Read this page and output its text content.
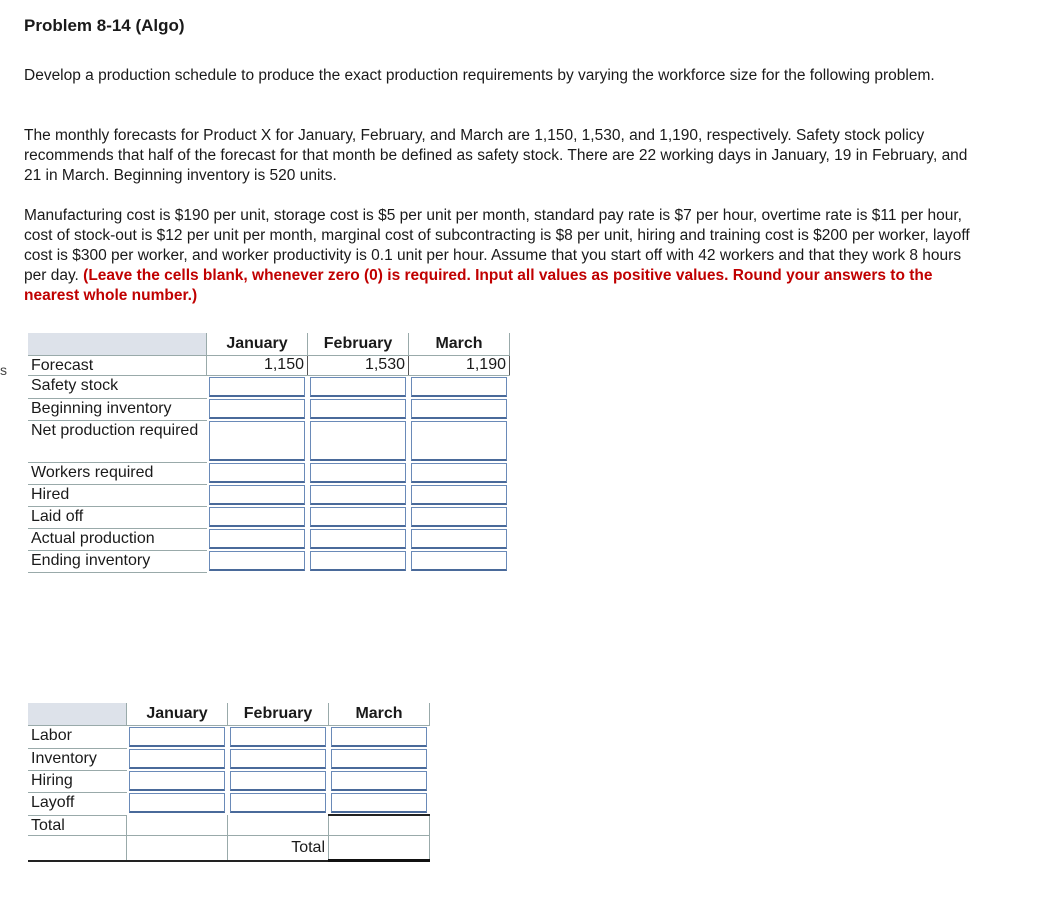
Problem 8-14 (Algo)

Develop a production schedule to produce the exact production requirements by varying the workforce size for the following problem.

The monthly forecasts for Product X for January, February, and March are 1,150, 1,530, and 1,190, respectively. Safety stock policy recommends that half of the forecast for that month be defined as safety stock. There are 22 working days in January, 19 in February, and 21 in March. Beginning inventory is 520 units.

Manufacturing cost is $190 per unit, storage cost is $5 per unit per month, standard pay rate is $7 per hour, overtime rate is $11 per hour, cost of stock-out is $12 per unit per month, marginal cost of subcontracting is $8 per unit, hiring and training cost is $200 per worker, layoff cost is $300 per worker, and worker productivity is 0.1 unit per hour. Assume that you start off with 42 workers and that they work 8 hours per day. (Leave the cells blank, whenever zero (0) is required. Input all values as positive values. Round your answers to the nearest whole number.)

s
	January	February	March
Forecast	1,150	1,530	1,190
Safety stock	

Beginning inventory	

Net production required	

Workers required	

Hired	

Laid off	

Actual production	

Ending inventory	

	January	February	March
Labor	

Inventory	

Hiring	

Layoff	

Total			
		Total	
